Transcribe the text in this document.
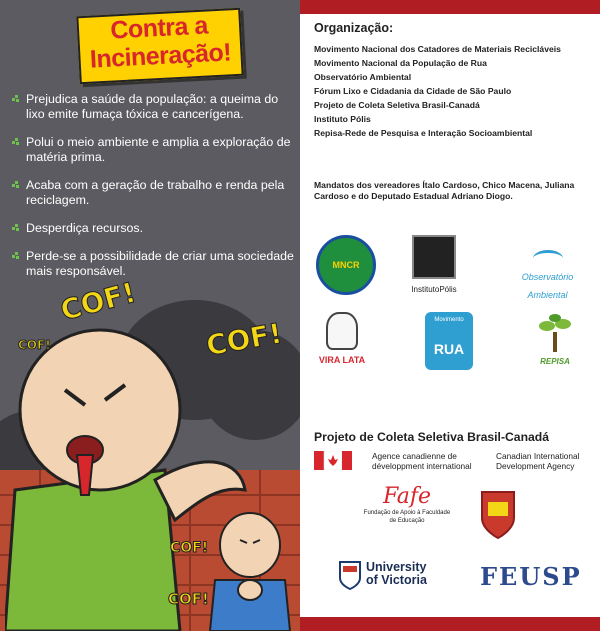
Contra a
Incineração!
Prejudica a saúde da população: a queima do lixo emite fumaça tóxica e cancerígena.
Polui o meio ambiente e amplia a exploração de matéria prima.
Acaba com a geração de trabalho e renda pela reciclagem.
Desperdiça recursos.
Perde-se a possibilidade de criar uma sociedade mais responsável.
COF!
COF!	COF!
COF!
COF!
Organização:
Movimento Nacional dos Catadores de Materiais Recicláveis
Movimento Nacional da População de Rua
Observatório Ambiental
Fórum Lixo e Cidadania da Cidade de São Paulo
Projeto de Coleta Seletiva Brasil-Canadá
Instituto Pólis
Repisa-Rede de Pesquisa e Interação Socioambiental
Mandatos dos vereadores Ítalo Cardoso, Chico Macena, Juliana Cardoso e do Deputado Estadual Adriano Diogo.
MNCR
InstitutoPólis
Observatório Ambiental
VIRA LATA
Movimento
RUA
REPISA
Projeto de Coleta Seletiva Brasil-Canadá
Agence canadienne de développment international
Canadian International Development Agency
Fafe
Fundação de Apoio à Faculdade de Educação
University
of Victoria FEUSP
